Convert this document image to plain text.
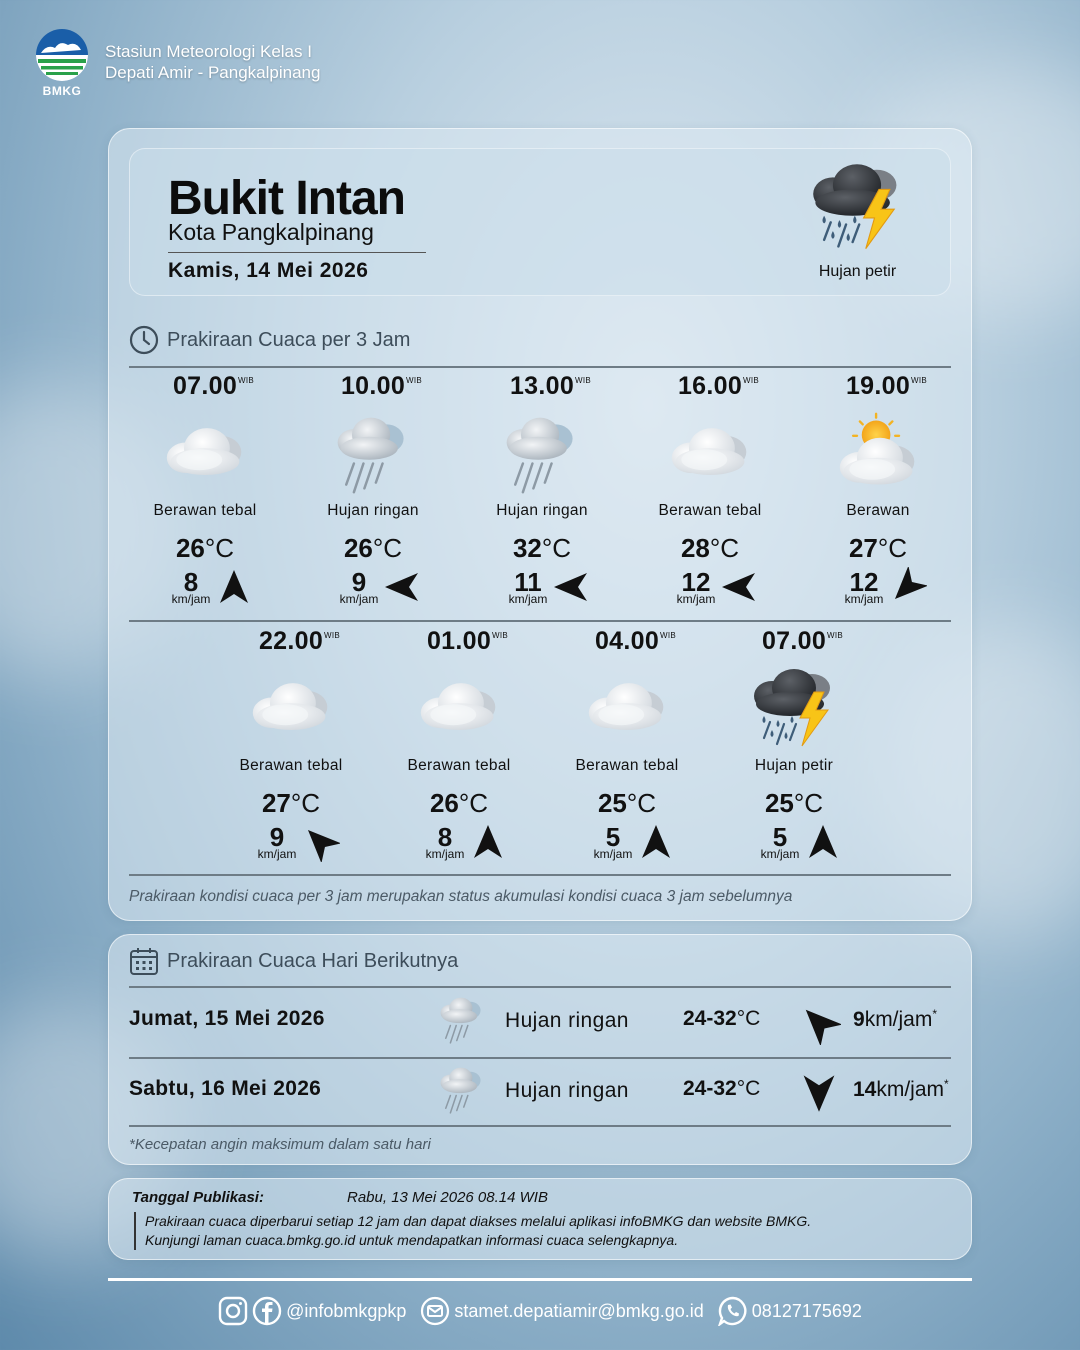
BMKG
Stasiun Meteorologi Kelas I
Depati Amir - Pangkalpinang
Bukit Intan
Kota Pangkalpinang
Kamis, 14 Mei 2026	Hujan petir
Prakiraan Cuaca per 3 Jam
07.00 WIB
Berawan tebal
26°C
8
km/jam
10.00 WIB
Hujan ringan
26°C
9
km/jam
13.00 WIB
Hujan ringan
32°C
11
km/jam
16.00 WIB
Berawan tebal
28°C
12
km/jam
19.00 WIB
Berawan
27°C
12
km/jam
22.00 WIB
Berawan tebal
27°C
9
km/jam
01.00 WIB
Berawan tebal
26°C
8
km/jam
04.00 WIB
Berawan tebal
25°C
5
km/jam
07.00 WIB
Hujan petir
25°C
5
km/jam
Prakiraan kondisi cuaca per 3 jam merupakan status akumulasi kondisi cuaca 3 jam sebelumnya
Prakiraan Cuaca Hari Berikutnya
Jumat, 15 Mei 2026	Hujan ringan	24-32°C	9km/jam*
Sabtu, 16 Mei 2026	Hujan ringan	24-32°C	14km/jam*
*Kecepatan angin maksimum dalam satu hari
Tanggal Publikasi:	Rabu, 13 Mei 2026 08.14 WIB
Prakiraan cuaca diperbarui setiap 12 jam dan dapat diakses melalui aplikasi infoBMKG dan website BMKG.
Kunjungi laman cuaca.bmkg.go.id untuk mendapatkan informasi cuaca selengkapnya.
@infobmkgpkp	stamet.depatiamir@bmkg.go.id	08127175692
